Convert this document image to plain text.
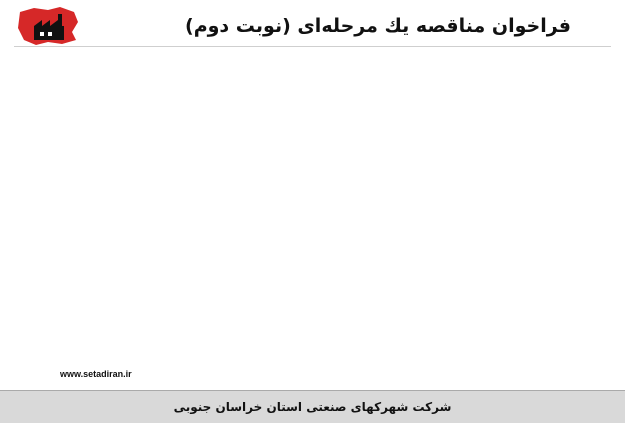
فراخوان مناقصه یك مرحله‌ای (نوبت دوم)

www.setadiran.ir
شرکت شهرکهای صنعتی استان خراسان جنوبی
